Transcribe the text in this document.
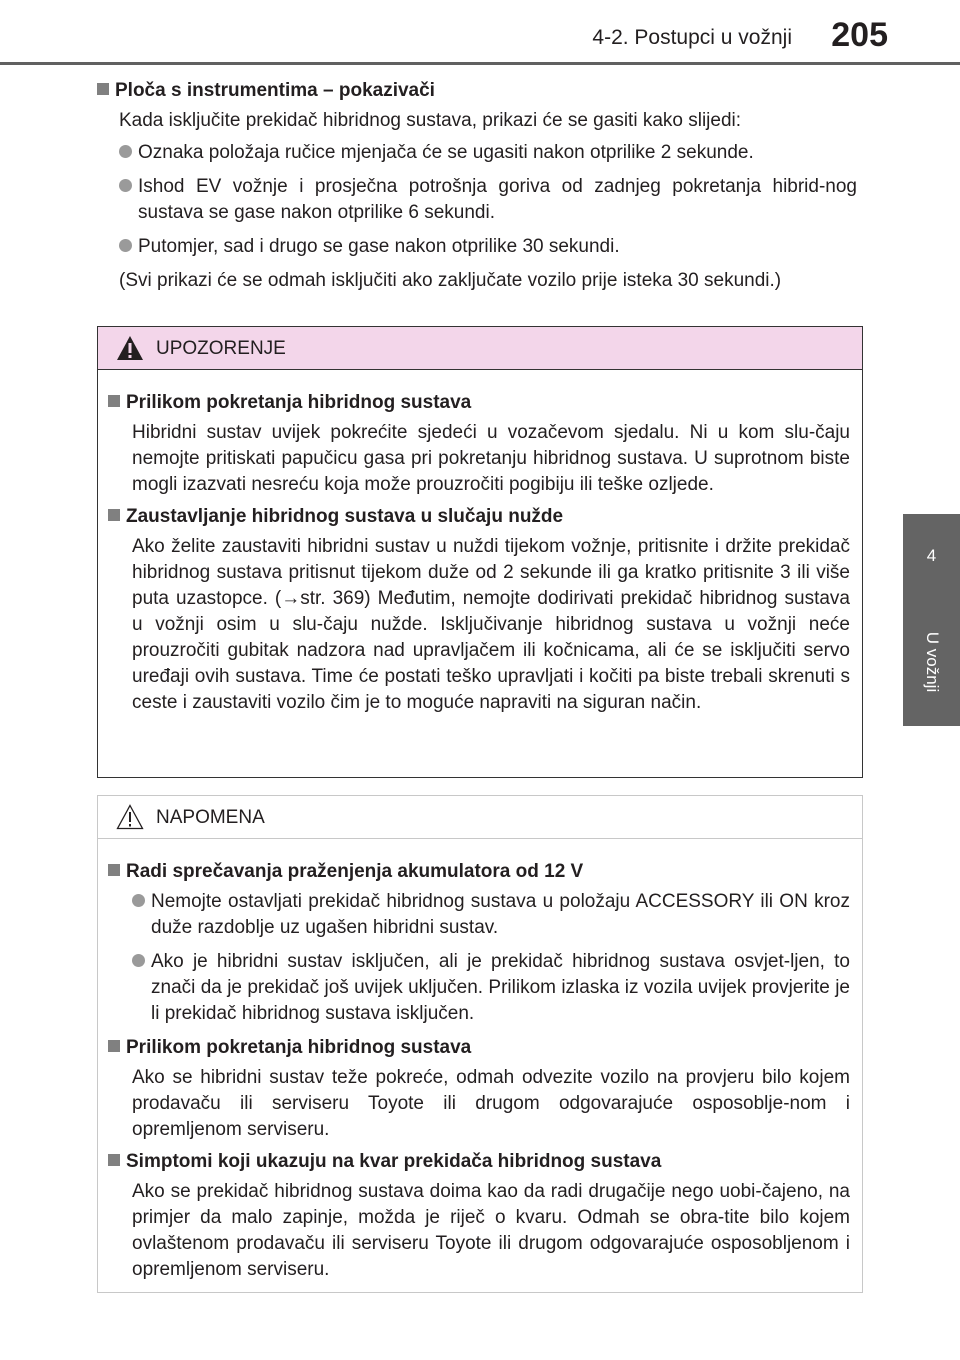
4-2. Postupci u vožnji 205
4
U vožnji
Ploča s instrumentima – pokazivači
Kada isključite prekidač hibridnog sustava, prikazi će se gasiti kako slijedi:
Oznaka položaja ručice mjenjača će se ugasiti nakon otprilike 2 sekunde.
Ishod EV vožnje i prosječna potrošnja goriva od zadnjeg pokretanja hibrid-nog sustava se gase nakon otprilike 6 sekundi.
Putomjer, sad i drugo se gase nakon otprilike 30 sekundi.
(Svi prikazi će se odmah isključiti ako zaključate vozilo prije isteka 30 sekundi.)
UPOZORENJE
Prilikom pokretanja hibridnog sustava
Hibridni sustav uvijek pokrećite sjedeći u vozačevom sjedalu. Ni u kom slu-čaju nemojte pritiskati papučicu gasa pri pokretanju hibridnog sustava. U suprotnom biste mogli izazvati nesreću koja može prouzročiti pogibiju ili teške ozljede.
Zaustavljanje hibridnog sustava u slučaju nužde
Ako želite zaustaviti hibridni sustav u nuždi tijekom vožnje, pritisnite i držite prekidač hibridnog sustava pritisnut tijekom duže od 2 sekunde ili ga kratko pritisnite 3 ili više puta uzastopce. (→str. 369) Međutim, nemojte dodirivati prekidač hibridnog sustava u vožnji osim u slu-čaju nužde. Isključivanje hibridnog sustava u vožnji neće prouzročiti gubitak nadzora nad upravljačem ili kočnicama, ali će se isključiti servo uređaji ovih sustava. Time će postati teško upravljati i kočiti pa biste trebali skrenuti s ceste i zaustaviti vozilo čim je to moguće napraviti na siguran način.
NAPOMENA
Radi sprečavanja praženjenja akumulatora od 12 V
Nemojte ostavljati prekidač hibridnog sustava u položaju ACCESSORY ili ON kroz duže razdoblje uz ugašen hibridni sustav.
Ako je hibridni sustav isključen, ali je prekidač hibridnog sustava osvjet-ljen, to znači da je prekidač još uvijek uključen. Prilikom izlaska iz vozila uvijek provjerite je li prekidač hibridnog sustava isključen.
Prilikom pokretanja hibridnog sustava
Ako se hibridni sustav teže pokreće, odmah odvezite vozilo na provjeru bilo kojem prodavaču ili serviseru Toyote ili drugom odgovarajuće osposoblje-nom i opremljenom serviseru.
Simptomi koji ukazuju na kvar prekidača hibridnog sustava
Ako se prekidač hibridnog sustava doima kao da radi drugačije nego uobi-čajeno, na primjer da malo zapinje, možda je riječ o kvaru. Odmah se obra-tite bilo kojem ovlaštenom prodavaču ili serviseru Toyote ili drugom odgovarajuće osposobljenom i opremljenom serviseru.
